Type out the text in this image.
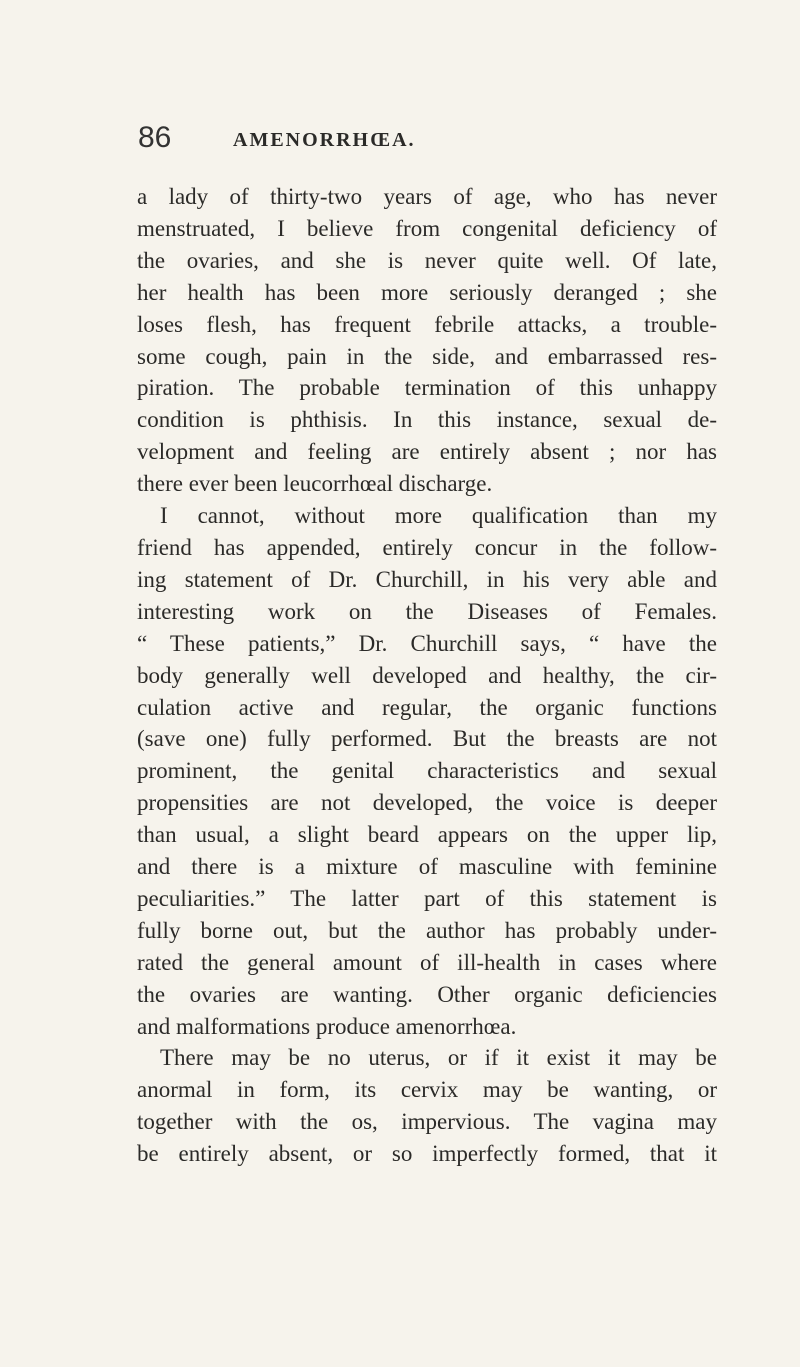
86	AMENORRHŒA.
a lady of thirty-two years of age, who has never
menstruated, I believe from congenital deficiency of
the ovaries, and she is never quite well. Of late,
her health has been more seriously deranged ; she
loses flesh, has frequent febrile attacks, a trouble-
some cough, pain in the side, and embarrassed res-
piration. The probable termination of this unhappy
condition is phthisis. In this instance, sexual de-
velopment and feeling are entirely absent ; nor has
there ever been leucorrhœal discharge.
I cannot, without more qualification than my
friend has appended, entirely concur in the follow-
ing statement of Dr. Churchill, in his very able and
interesting work on the Diseases of Females.
“ These patients,” Dr. Churchill says, “ have the
body generally well developed and healthy, the cir-
culation active and regular, the organic functions
(save one) fully performed. But the breasts are not
prominent, the genital characteristics and sexual
propensities are not developed, the voice is deeper
than usual, a slight beard appears on the upper lip,
and there is a mixture of masculine with feminine
peculiarities.” The latter part of this statement is
fully borne out, but the author has probably under-
rated the general amount of ill-health in cases where
the ovaries are wanting. Other organic deficiencies
and malformations produce amenorrhœa.
There may be no uterus, or if it exist it may be
anormal in form, its cervix may be wanting, or
together with the os, impervious. The vagina may
be entirely absent, or so imperfectly formed, that it
